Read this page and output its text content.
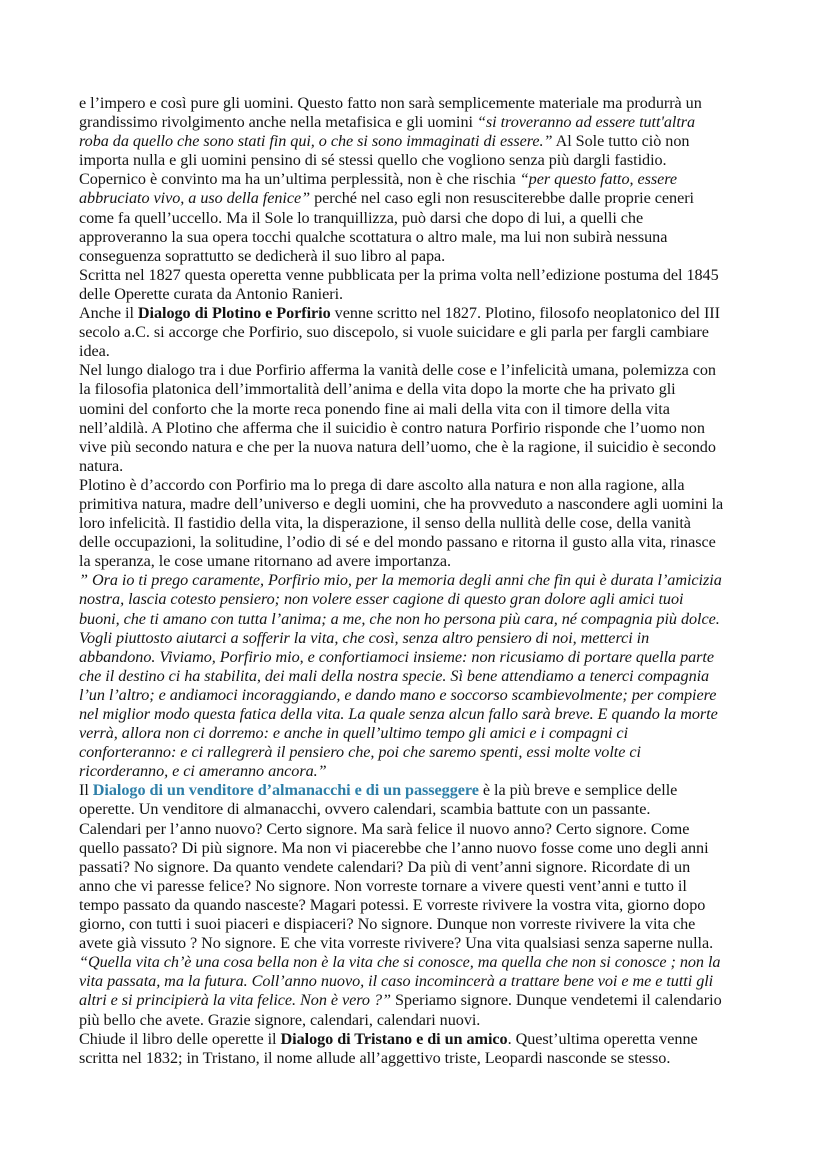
e l’impero e così pure gli uomini. Questo fatto non sarà semplicemente materiale ma produrrà un
grandissimo rivolgimento anche nella metafisica e gli uomini “si troveranno ad essere tutt'altra
roba da quello che sono stati fin qui, o che si sono immaginati di essere.” Al Sole tutto ciò non
importa nulla e gli uomini pensino di sé stessi quello che vogliono senza più dargli fastidio.
Copernico è convinto ma ha un’ultima perplessità, non è che rischia “per questo fatto, essere
abbruciato vivo, a uso della fenice” perché nel caso egli non resusciterebbe dalle proprie ceneri
come fa quell’uccello. Ma il Sole lo tranquillizza, può darsi che dopo di lui, a quelli che
approveranno la sua opera tocchi qualche scottatura o altro male, ma lui non subirà nessuna
conseguenza soprattutto se dedicherà il suo libro al papa.
Scritta nel 1827 questa operetta venne pubblicata per la prima volta nell’edizione postuma del 1845
delle Operette curata da Antonio Ranieri.
Anche il Dialogo di Plotino e Porfirio venne scritto nel 1827. Plotino, filosofo neoplatonico del III
secolo a.C. si accorge che Porfirio, suo discepolo, si vuole suicidare e gli parla per fargli cambiare
idea.
Nel lungo dialogo tra i due Porfirio afferma la vanità delle cose e l’infelicità umana, polemizza con
la filosofia platonica dell’immortalità dell’anima e della vita dopo la morte che ha privato gli
uomini del conforto che la morte reca ponendo fine ai mali della vita con il timore della vita
nell’aldilà. A Plotino che afferma che il suicidio è contro natura Porfirio risponde che l’uomo non
vive più secondo natura e che per la nuova natura dell’uomo, che è la ragione, il suicidio è secondo
natura.
Plotino è d’accordo con Porfirio ma lo prega di dare ascolto alla natura e non alla ragione, alla
primitiva natura, madre dell’universo e degli uomini, che ha provveduto a nascondere agli uomini la
loro infelicità. Il fastidio della vita, la disperazione, il senso della nullità delle cose, della vanità
delle occupazioni, la solitudine, l’odio di sé e del mondo passano e ritorna il gusto alla vita, rinasce
la speranza, le cose umane ritornano ad avere importanza.
” Ora io ti prego caramente, Porfirio mio, per la memoria degli anni che fin qui è durata l’amicizia
nostra, lascia cotesto pensiero; non volere esser cagione di questo gran dolore agli amici tuoi
buoni, che ti amano con tutta l’anima; a me, che non ho persona più cara, né compagnia più dolce.
Vogli piuttosto aiutarci a sofferir la vita, che così, senza altro pensiero di noi, metterci in
abbandono. Viviamo, Porfirio mio, e confortiamoci insieme: non ricusiamo di portare quella parte
che il destino ci ha stabilita, dei mali della nostra specie. Sì bene attendiamo a tenerci compagnia
l’un l’altro; e andiamoci incoraggiando, e dando mano e soccorso scambievolmente; per compiere
nel miglior modo questa fatica della vita. La quale senza alcun fallo sarà breve. E quando la morte
verrà, allora non ci dorremo: e anche in quell’ultimo tempo gli amici e i compagni ci
conforteranno: e ci rallegrerà il pensiero che, poi che saremo spenti, essi molte volte ci
ricorderanno, e ci ameranno ancora.”
Il Dialogo di un venditore d’almanacchi e di un passeggere è la più breve e semplice delle
operette. Un venditore di almanacchi, ovvero calendari, scambia battute con un passante.
Calendari per l’anno nuovo? Certo signore. Ma sarà felice il nuovo anno? Certo signore. Come
quello passato? Di più signore. Ma non vi piacerebbe che l’anno nuovo fosse come uno degli anni
passati? No signore. Da quanto vendete calendari? Da più di vent’anni signore. Ricordate di un
anno che vi paresse felice? No signore. Non vorreste tornare a vivere questi vent’anni e tutto il
tempo passato da quando nasceste? Magari potessi. E vorreste rivivere la vostra vita, giorno dopo
giorno, con tutti i suoi piaceri e dispiaceri? No signore. Dunque non vorreste rivivere la vita che
avete già vissuto ? No signore. E che vita vorreste rivivere? Una vita qualsiasi senza saperne nulla.
“Quella vita ch’è una cosa bella non è la vita che si conosce, ma quella che non si conosce ; non la
vita passata, ma la futura. Coll’anno nuovo, il caso incomincerà a trattare bene voi e me e tutti gli
altri e si principierà la vita felice. Non è vero ?” Speriamo signore. Dunque vendetemi il calendario
più bello che avete. Grazie signore, calendari, calendari nuovi.
Chiude il libro delle operette il Dialogo di Tristano e di un amico. Quest’ultima operetta venne
scritta nel 1832; in Tristano, il nome allude all’aggettivo triste, Leopardi nasconde se stesso.
